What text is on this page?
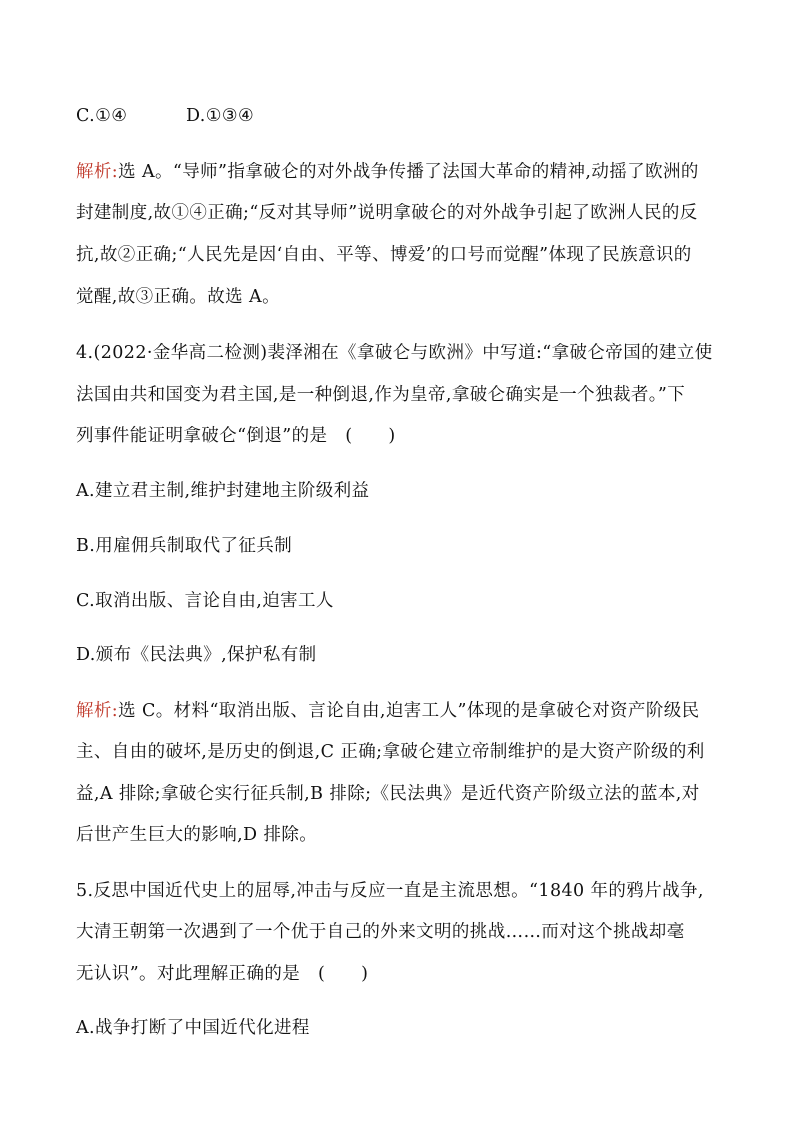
C.①④	D.①③④
解析:选 A。“导师”指拿破仑的对外战争传播了法国大革命的精神,动摇了欧洲的
封建制度,故①④正确;“反对其导师”说明拿破仑的对外战争引起了欧洲人民的反
抗,故②正确;“人民先是因‘自由、平等、博爱’的口号而觉醒”体现了民族意识的
觉醒,故③正确。故选 A。
4.(2022·金华高二检测)裴泽湘在《拿破仑与欧洲》中写道:“拿破仑帝国的建立使
法国由共和国变为君主国,是一种倒退,作为皇帝,拿破仑确实是一个独裁者。”下
列事件能证明拿破仑“倒退”的是　(　　)
A.建立君主制,维护封建地主阶级利益
B.用雇佣兵制取代了征兵制
C.取消出版、言论自由,迫害工人
D.颁布《民法典》,保护私有制
解析:选 C。材料“取消出版、言论自由,迫害工人”体现的是拿破仑对资产阶级民
主、自由的破坏,是历史的倒退,C 正确;拿破仑建立帝制维护的是大资产阶级的利
益,A 排除;拿破仑实行征兵制,B 排除;《民法典》是近代资产阶级立法的蓝本,对
后世产生巨大的影响,D 排除。
5.反思中国近代史上的屈辱,冲击与反应一直是主流思想。“1840 年的鸦片战争,
大清王朝第一次遇到了一个优于自己的外来文明的挑战……而对这个挑战却毫
无认识”。对此理解正确的是　(　　)
A.战争打断了中国近代化进程
